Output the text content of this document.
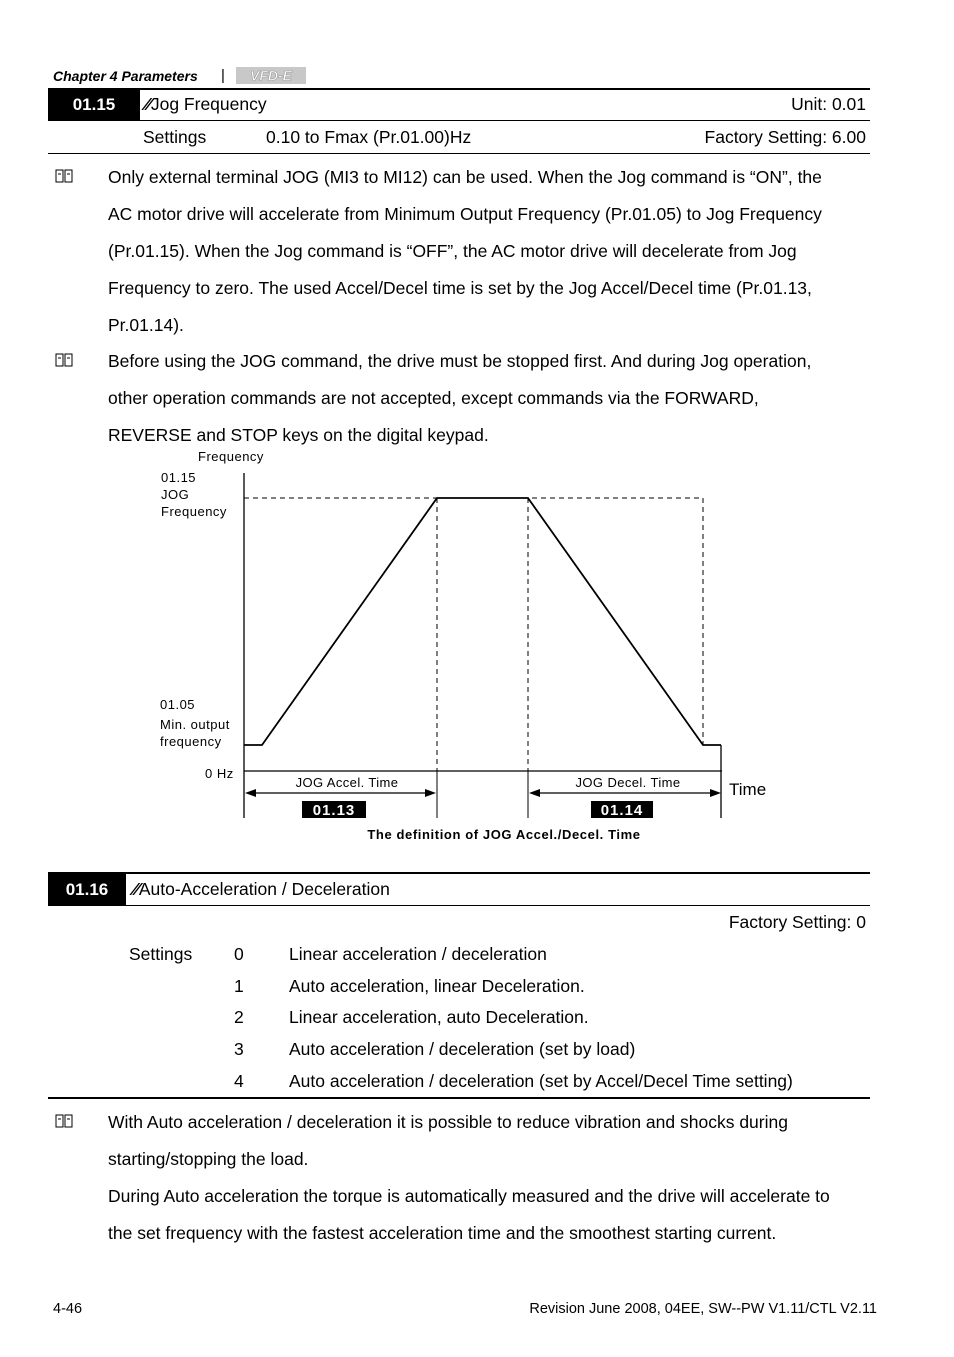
Chapter 4 Parameters | VFD-E
01.15	∕∕Jog Frequency	Unit: 0.01
Settings	0.10 to Fmax (Pr.01.00)Hz	Factory Setting: 6.00
Only external terminal JOG (MI3 to MI12) can be used. When the Jog command is “ON”, the
AC motor drive will accelerate from Minimum Output Frequency (Pr.01.05) to Jog Frequency
(Pr.01.15). When the Jog command is “OFF”, the AC motor drive will decelerate from Jog
Frequency to zero. The used Accel/Decel time is set by the Jog Accel/Decel time (Pr.01.13,
Pr.01.14).
Before using the JOG command, the drive must be stopped first. And during Jog operation,
other operation commands are not accepted, except commands via the FORWARD,
REVERSE and STOP keys on the digital keypad.
Frequency
01.15
JOG
Frequency
01.05
Min. output
frequency
0 Hz
JOG Accel. Time
01.13
JOG Decel. Time
01.14
Time
The definition of JOG Accel./Decel. Time
01.16	∕∕Auto-Acceleration / Deceleration
Factory Setting: 0
Settings 0	Linear acceleration / deceleration
1	Auto acceleration, linear Deceleration.
2	Linear acceleration, auto Deceleration.
3	Auto acceleration / deceleration (set by load)
4	Auto acceleration / deceleration (set by Accel/Decel Time setting)
With Auto acceleration / deceleration it is possible to reduce vibration and shocks during
starting/stopping the load.
During Auto acceleration the torque is automatically measured and the drive will accelerate to
the set frequency with the fastest acceleration time and the smoothest starting current.
4-46	Revision June 2008, 04EE, SW--PW V1.11/CTL V2.11
